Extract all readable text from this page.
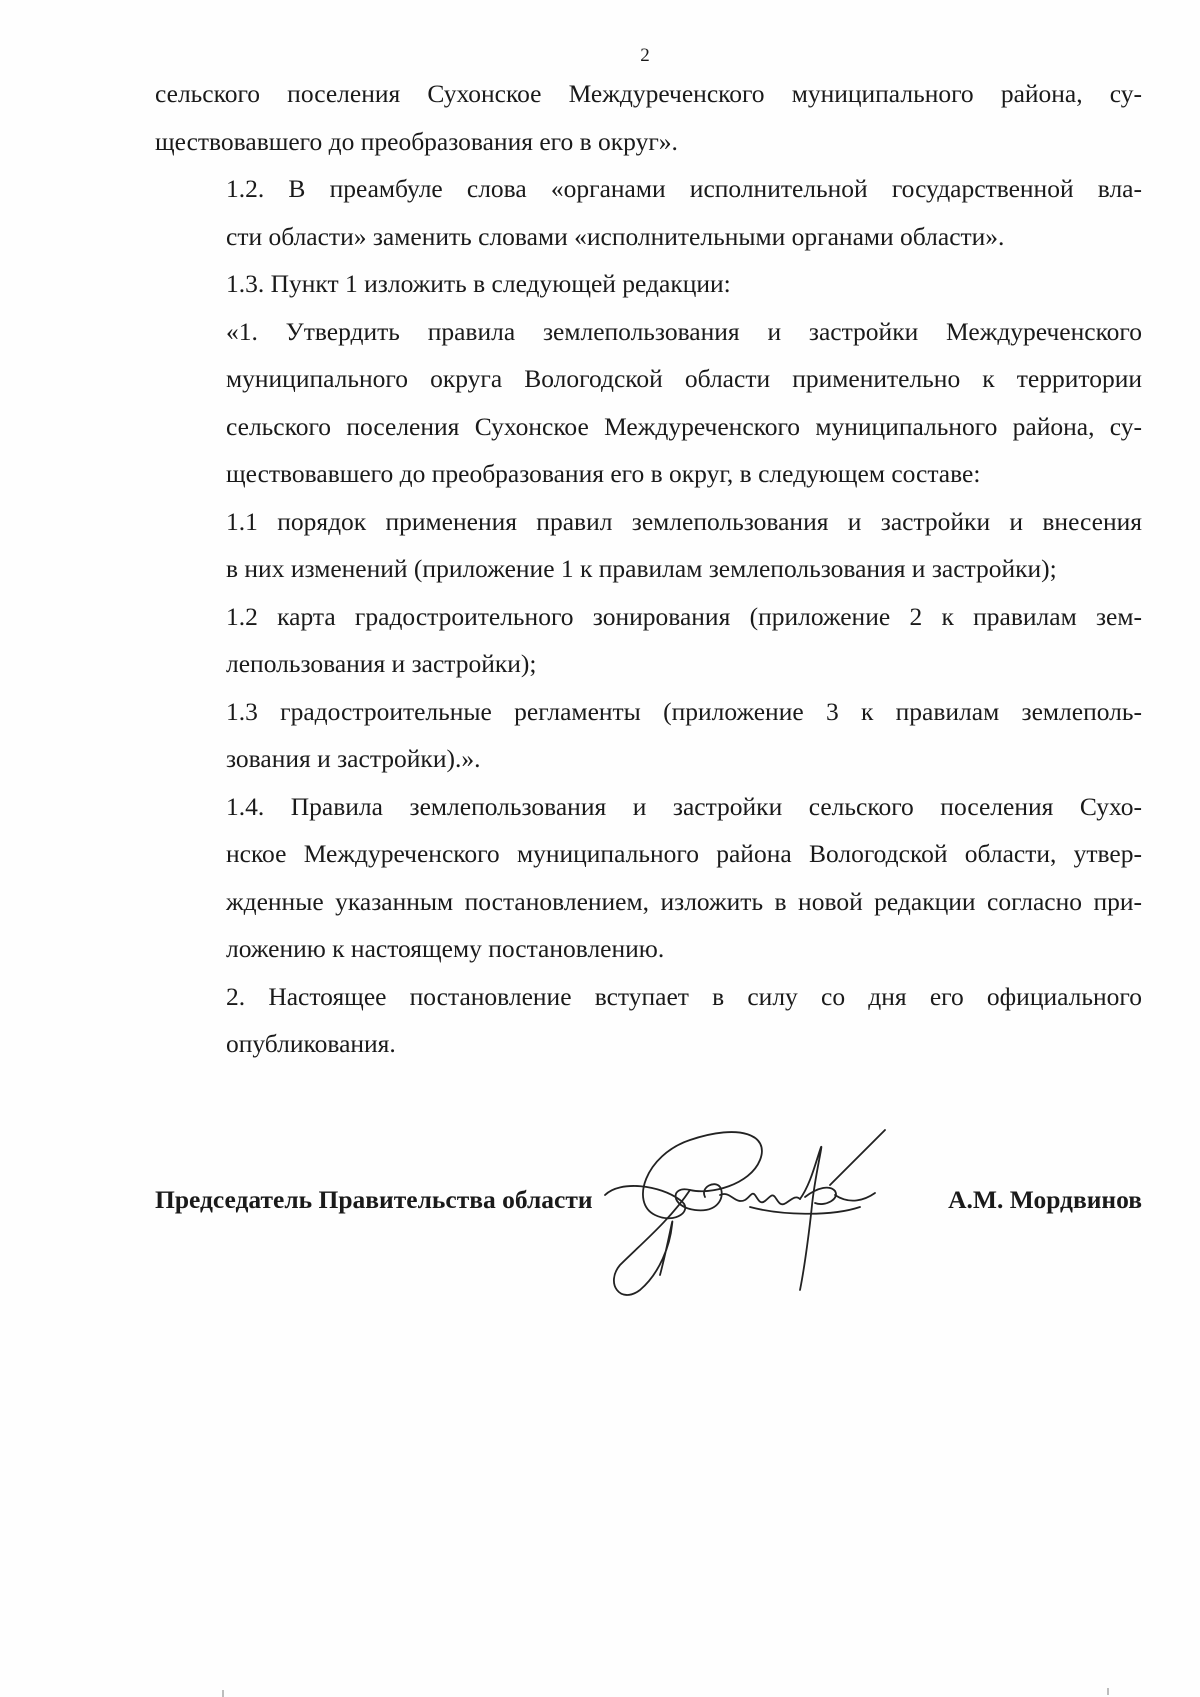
2

сельского поселения Сухонское Междуреченского муниципального района, су-
ществовавшего до преобразования его в округ».

1.2. В преамбуле слова «органами исполнительной государственной вла-
сти области» заменить словами «исполнительными органами области».

1.3. Пункт 1 изложить в следующей редакции:

«1. Утвердить правила землепользования и застройки Междуреченского
муниципального округа Вологодской области применительно к территории
сельского поселения Сухонское Междуреченского муниципального района, су-
ществовавшего до преобразования его в округ, в следующем составе:

1.1 порядок применения правил землепользования и застройки и внесения
в них изменений (приложение 1 к правилам землепользования и застройки);

1.2 карта градостроительного зонирования (приложение 2 к правилам зем-
лепользования и застройки);

1.3 градостроительные регламенты (приложение 3 к правилам землеполь-
зования и застройки).».

1.4. Правила землепользования и застройки сельского поселения Сухо-
нское Междуреченского муниципального района Вологодской области, утвер-
жденные указанным постановлением, изложить в новой редакции согласно при-
ложению к настоящему постановлению.

2. Настоящее постановление вступает в силу со дня его официального
опубликования.

Председатель Правительства области	А.М. Мордвинов
